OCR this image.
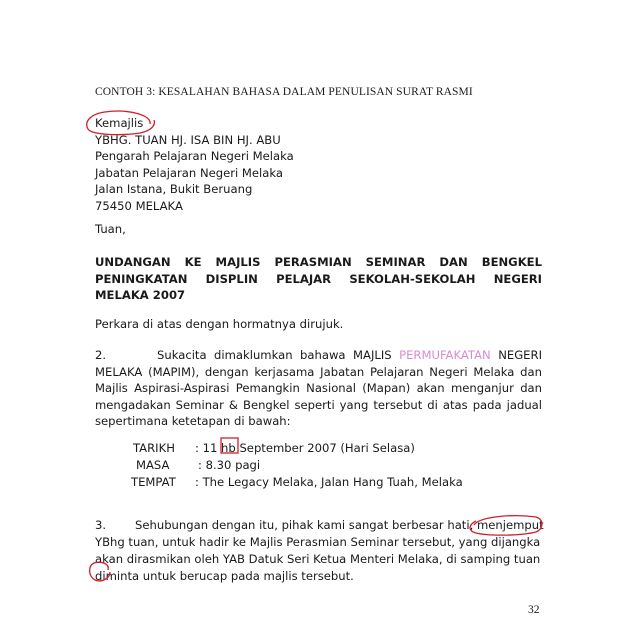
CONTOH 3: KESALAHAN BAHASA DALAM PENULISAN SURAT RASMI
Kemajlis
YBHG. TUAN HJ. ISA BIN HJ. ABU
Pengarah Pelajaran Negeri Melaka
Jabatan Pelajaran Negeri Melaka
Jalan Istana, Bukit Beruang
75450 MELAKA
Tuan,
UNDANGAN KE MAJLIS PERASMIAN SEMINAR DAN BENGKEL
PENINGKATAN DISPLIN PELAJAR SEKOLAH-SEKOLAH NEGERI
MELAKA 2007
Perkara di atas dengan hormatnya dirujuk.
2.	Sukacita dimaklumkan bahawa MAJLIS PERMUFAKATAN NEGERI
MELAKA (MAPIM), dengan kerjasama Jabatan Pelajaran Negeri Melaka dan
Majlis Aspirasi-Aspirasi Pemangkin Nasional (Mapan) akan menganjur dan
mengadakan Seminar & Bengkel seperti yang tersebut di atas pada jadual
sepertimana ketetapan di bawah:
TARIKH : 11 hb September 2007 (Hari Selasa)
MASA : 8.30 pagi
TEMPAT : The Legacy Melaka, Jalan Hang Tuah, Melaka
3. Sehubungan dengan itu, pihak kami sangat berbesar hati, menjemput
YBhg tuan, untuk hadir ke Majlis Perasmian Seminar tersebut, yang dijangka
akan dirasmikan oleh YAB Datuk Seri Ketua Menteri Melaka, di samping tuan
diminta untuk berucap pada majlis tersebut.
32
